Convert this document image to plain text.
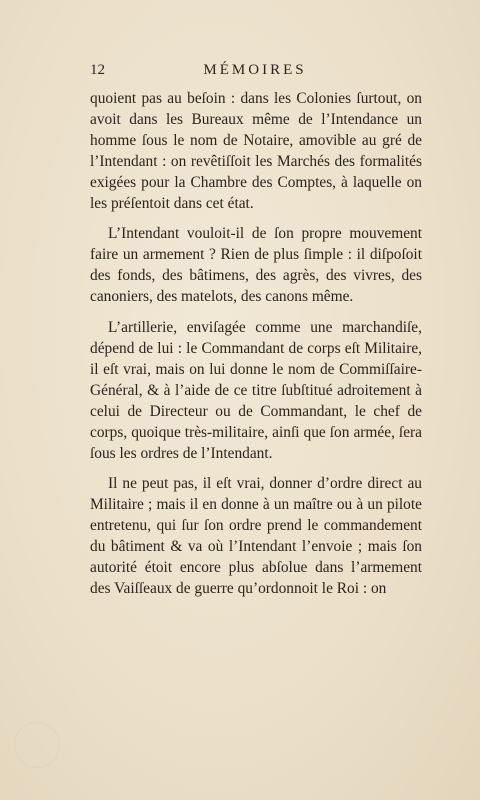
12	MÉMOIRES

quoient pas au beſoin : dans les Colonies ſurtout, on avoit dans les Bureaux même de l’Intendance un homme ſous le nom de Notaire, amovible au gré de l’Intendant : on revêtiſſoit les Marchés des formalités exigées pour la Chambre des Comptes, à laquelle on les préſentoit dans cet état.

L’Intendant vouloit-il de ſon propre mouvement faire un armement ? Rien de plus ſimple : il diſpoſoit des fonds, des bâtimens, des agrès, des vivres, des canoniers, des matelots, des canons même.

L’artillerie, enviſagée comme une marchandiſe, dépend de lui : le Commandant de corps eſt Militaire, il eſt vrai, mais on lui donne le nom de Commiſſaire-Général, & à l’aide de ce titre ſubſtitué adroitement à celui de Directeur ou de Commandant, le chef de corps, quoique très-militaire, ainſi que ſon armée, ſera ſous les ordres de l’Intendant.

Il ne peut pas, il eſt vrai, donner d’ordre direct au Militaire ; mais il en donne à un maître ou à un pilote entretenu, qui ſur ſon ordre prend le commandement du bâtiment & va où l’Intendant l’envoie ; mais ſon autorité étoit encore plus abſolue dans l’armement des Vaiſſeaux de guerre qu’ordonnoit le Roi : on
